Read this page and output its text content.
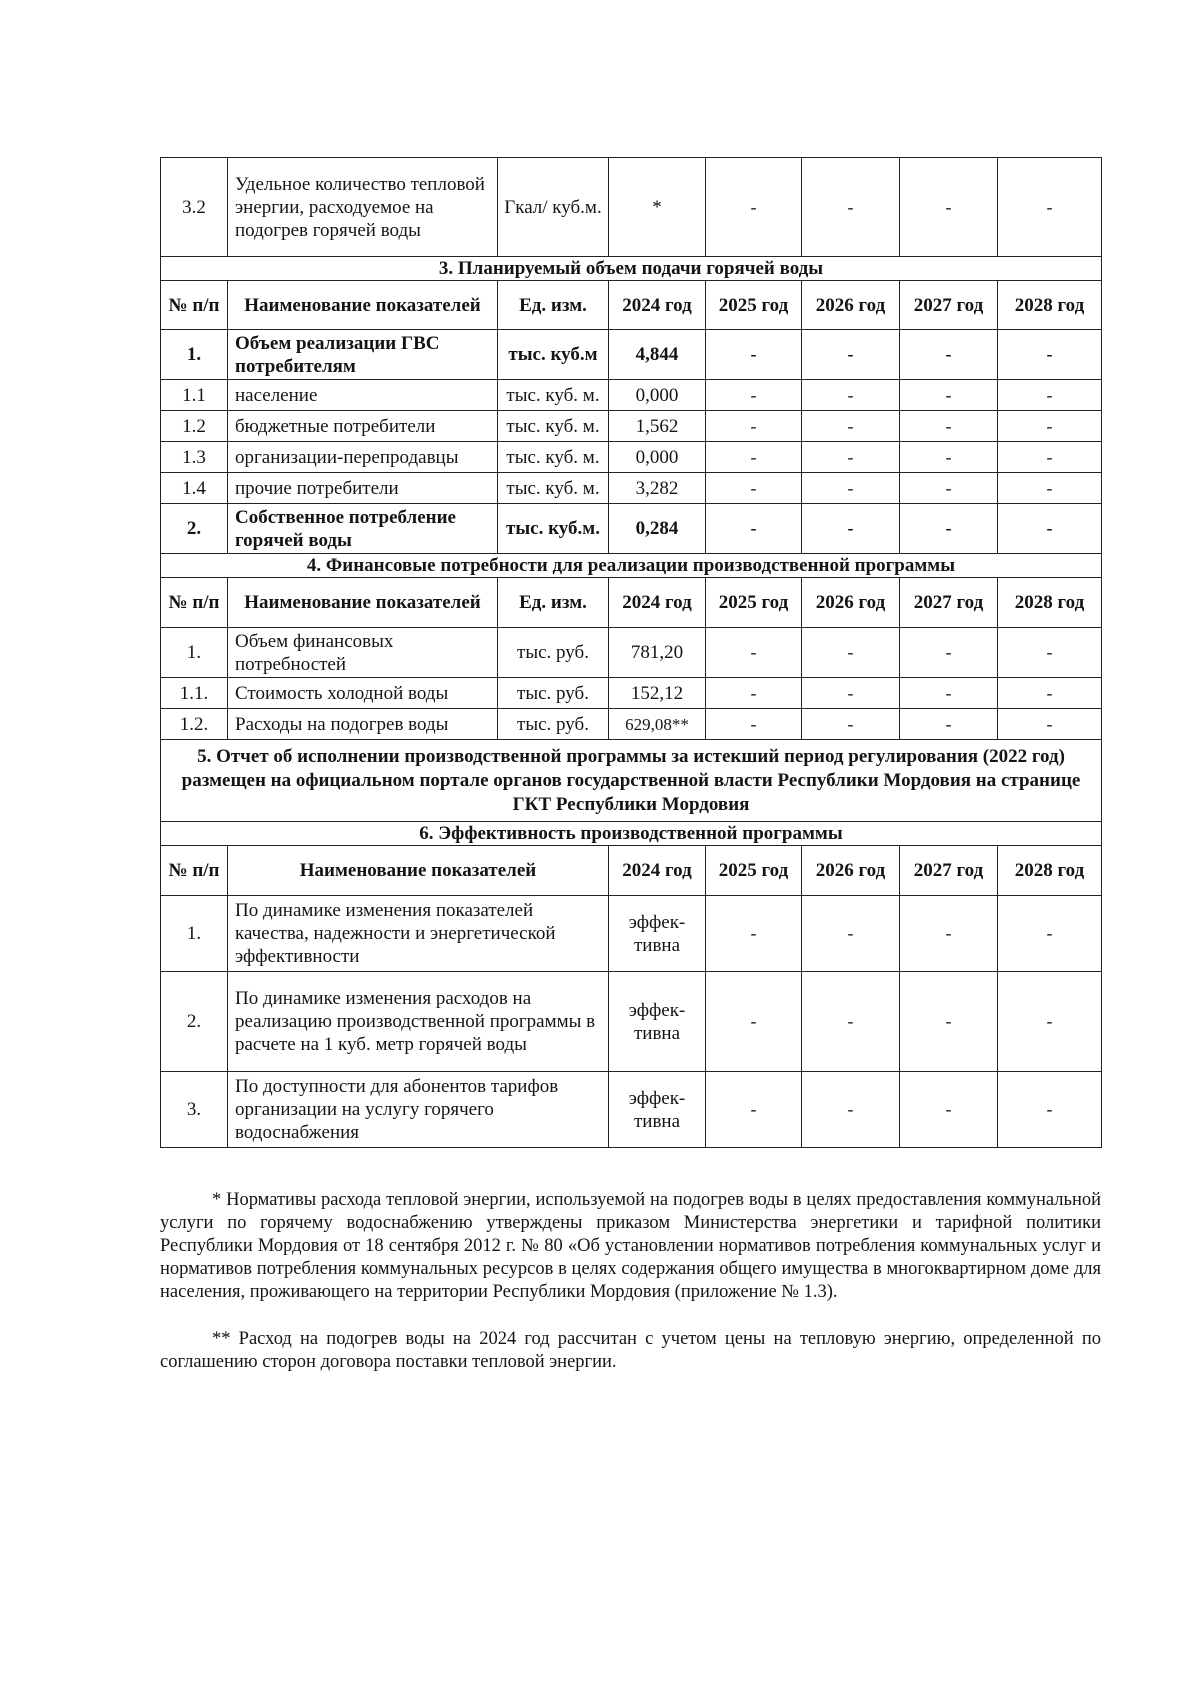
3.2	Удельное количество тепловой энергии, расходуемое на подогрев горячей воды	Гкал/ куб.м.	*	-	-	-	-
3. Планируемый объем подачи горячей воды							
№ п/п	Наименование показателей	Ед. изм.	2024 год	2025 год	2026 год	2027 год	2028 год
1.	Объем реализации ГВС потребителям	тыс. куб.м	4,844	-	-	-	-
1.1	население	тыс. куб. м.	0,000	-	-	-	-
1.2	бюджетные потребители	тыс. куб. м.	1,562	-	-	-	-
1.3	организации-перепродавцы	тыс. куб. м.	0,000	-	-	-	-
1.4	прочие потребители	тыс. куб. м.	3,282	-	-	-	-
2.	Собственное потребление горячей воды	тыс. куб.м.	0,284	-	-	-	-
4. Финансовые потребности для реализации производственной программы							
№ п/п	Наименование показателей	Ед. изм.	2024 год	2025 год	2026 год	2027 год	2028 год
1.	Объем финансовых потребностей	тыс. руб.	781,20	-	-	-	-
1.1.	Стоимость холодной воды	тыс. руб.	152,12	-	-	-	-
1.2.	Расходы на подогрев воды	тыс. руб.	629,08**	-	-	-	-
5. Отчет об исполнении производственной программы за истекший период регулирования (2022 год) размещен на официальном портале органов государственной власти Республики Мордовия на странице ГКТ Республики Мордовия							
6. Эффективность производственной программы							
№ п/п	Наименование показателей		2024 год	2025 год	2026 год	2027 год	2028 год
1.	По динамике изменения показателей качества, надежности и энергетической эффективности		эффек-тивна	-	-	-	-
2.	По динамике изменения расходов на реализацию производственной программы в расчете на 1 куб. метр горячей воды		эффек-тивна	-	-	-	-
3.	По доступности для абонентов тарифов организации на услугу горячего водоснабжения		эффек-тивна	-	-	-	-

* Нормативы расхода тепловой энергии, используемой на подогрев воды в целях предоставления коммунальной услуги по горячему водоснабжению утверждены приказом Министерства энергетики и тарифной политики Республики Мордовия от 18 сентября 2012 г. № 80 «Об установлении нормативов потребления коммунальных услуг и нормативов потребления коммунальных ресурсов в целях содержания общего имущества в многоквартирном доме для населения, проживающего на территории Республики Мордовия (приложение № 1.3).

** Расход на подогрев воды на 2024 год рассчитан с учетом цены на тепловую энергию, определенной по соглашению сторон договора поставки тепловой энергии.
